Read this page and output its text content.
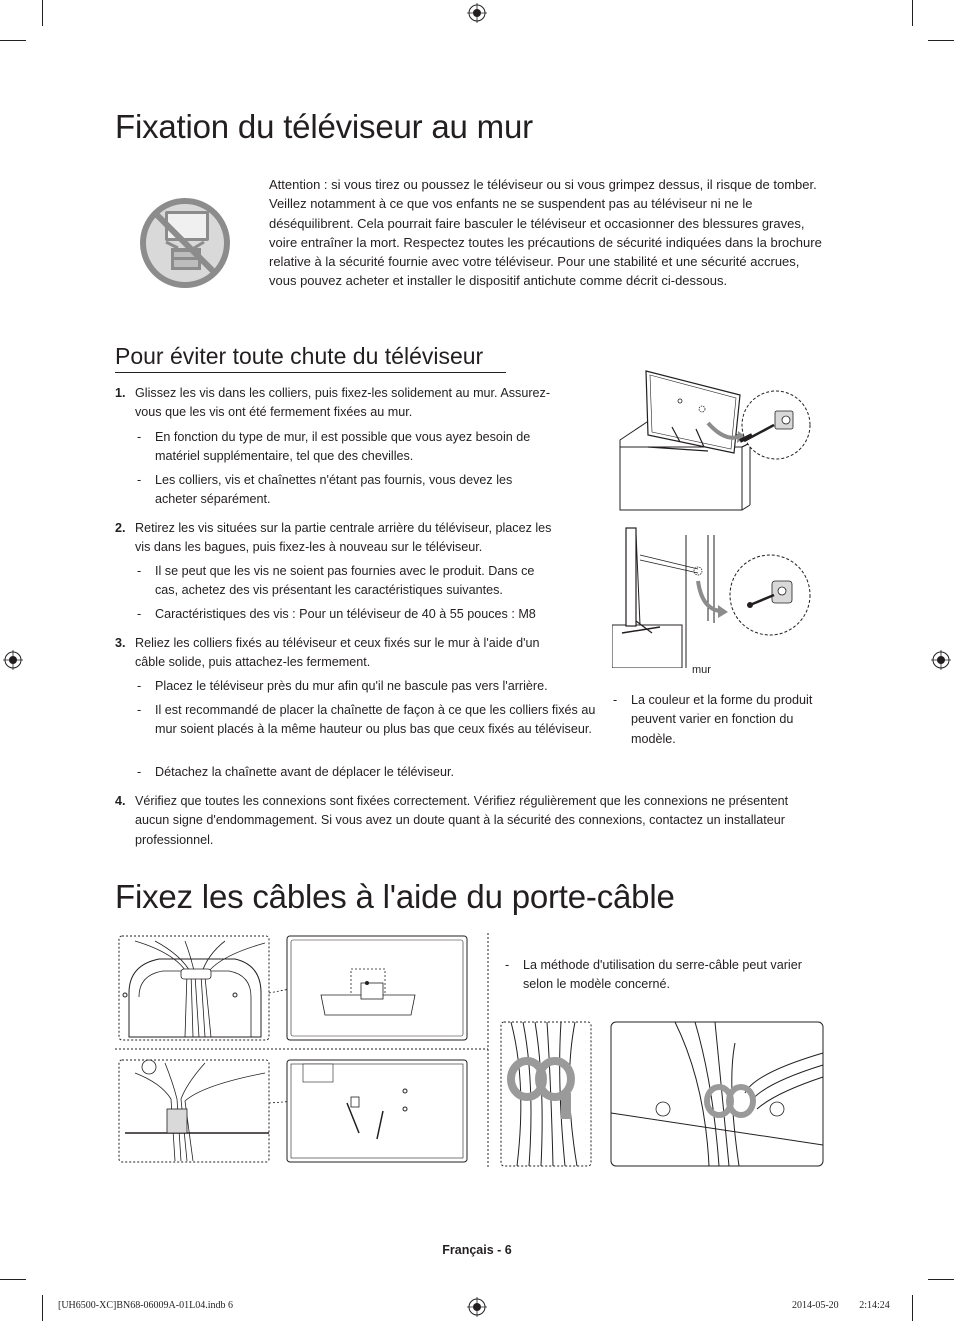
Fixation du téléviseur au mur
Attention : si vous tirez ou poussez le téléviseur ou si vous grimpez dessus, il risque de tomber. Veillez notamment à ce que vos enfants ne se suspendent pas au téléviseur ni ne le déséquilibrent. Cela pourrait faire basculer le téléviseur et occasionner des blessures graves, voire entraîner la mort. Respectez toutes les précautions de sécurité indiquées dans la brochure relative à la sécurité fournie avec votre téléviseur. Pour une stabilité et une sécurité accrues, vous pouvez acheter et installer le dispositif antichute comme décrit ci-dessous.
Pour éviter toute chute du téléviseur
1. Glissez les vis dans les colliers, puis fixez-les solidement au mur. Assurez-vous que les vis ont été fermement fixées au mur.
- En fonction du type de mur, il est possible que vous ayez besoin de matériel supplémentaire, tel que des chevilles.
- Les colliers, vis et chaînettes n'étant pas fournis, vous devez les acheter séparément.
2. Retirez les vis situées sur la partie centrale arrière du téléviseur, placez les vis dans les bagues, puis fixez-les à nouveau sur le téléviseur.
- Il se peut que les vis ne soient pas fournies avec le produit. Dans ce cas, achetez des vis présentant les caractéristiques suivantes.
- Caractéristiques des vis : Pour un téléviseur de 40 à 55 pouces : M8
3. Reliez les colliers fixés au téléviseur et ceux fixés sur le mur à l'aide d'un câble solide, puis attachez-les fermement.
- Placez le téléviseur près du mur afin qu'il ne bascule pas vers l'arrière.
- Il est recommandé de placer la chaînette de façon à ce que les colliers fixés au mur soient placés à la même hauteur ou plus bas que ceux fixés au téléviseur.
- Détachez la chaînette avant de déplacer le téléviseur.
4. Vérifiez que toutes les connexions sont fixées correctement. Vérifiez régulièrement que les connexions ne présentent aucun signe d'endommagement. Si vous avez un doute quant à la sécurité des connexions, contactez un installateur professionnel.
mur
- La couleur et la forme du produit peuvent varier en fonction du modèle.
Fixez les câbles à l'aide du porte-câble
- La méthode d'utilisation du serre-câble peut varier selon le modèle concerné.
Français - 6
[UH6500-XC]BN68-06009A-01L04.indb 6	2014-05-20 ￿￿ 2:14:24
